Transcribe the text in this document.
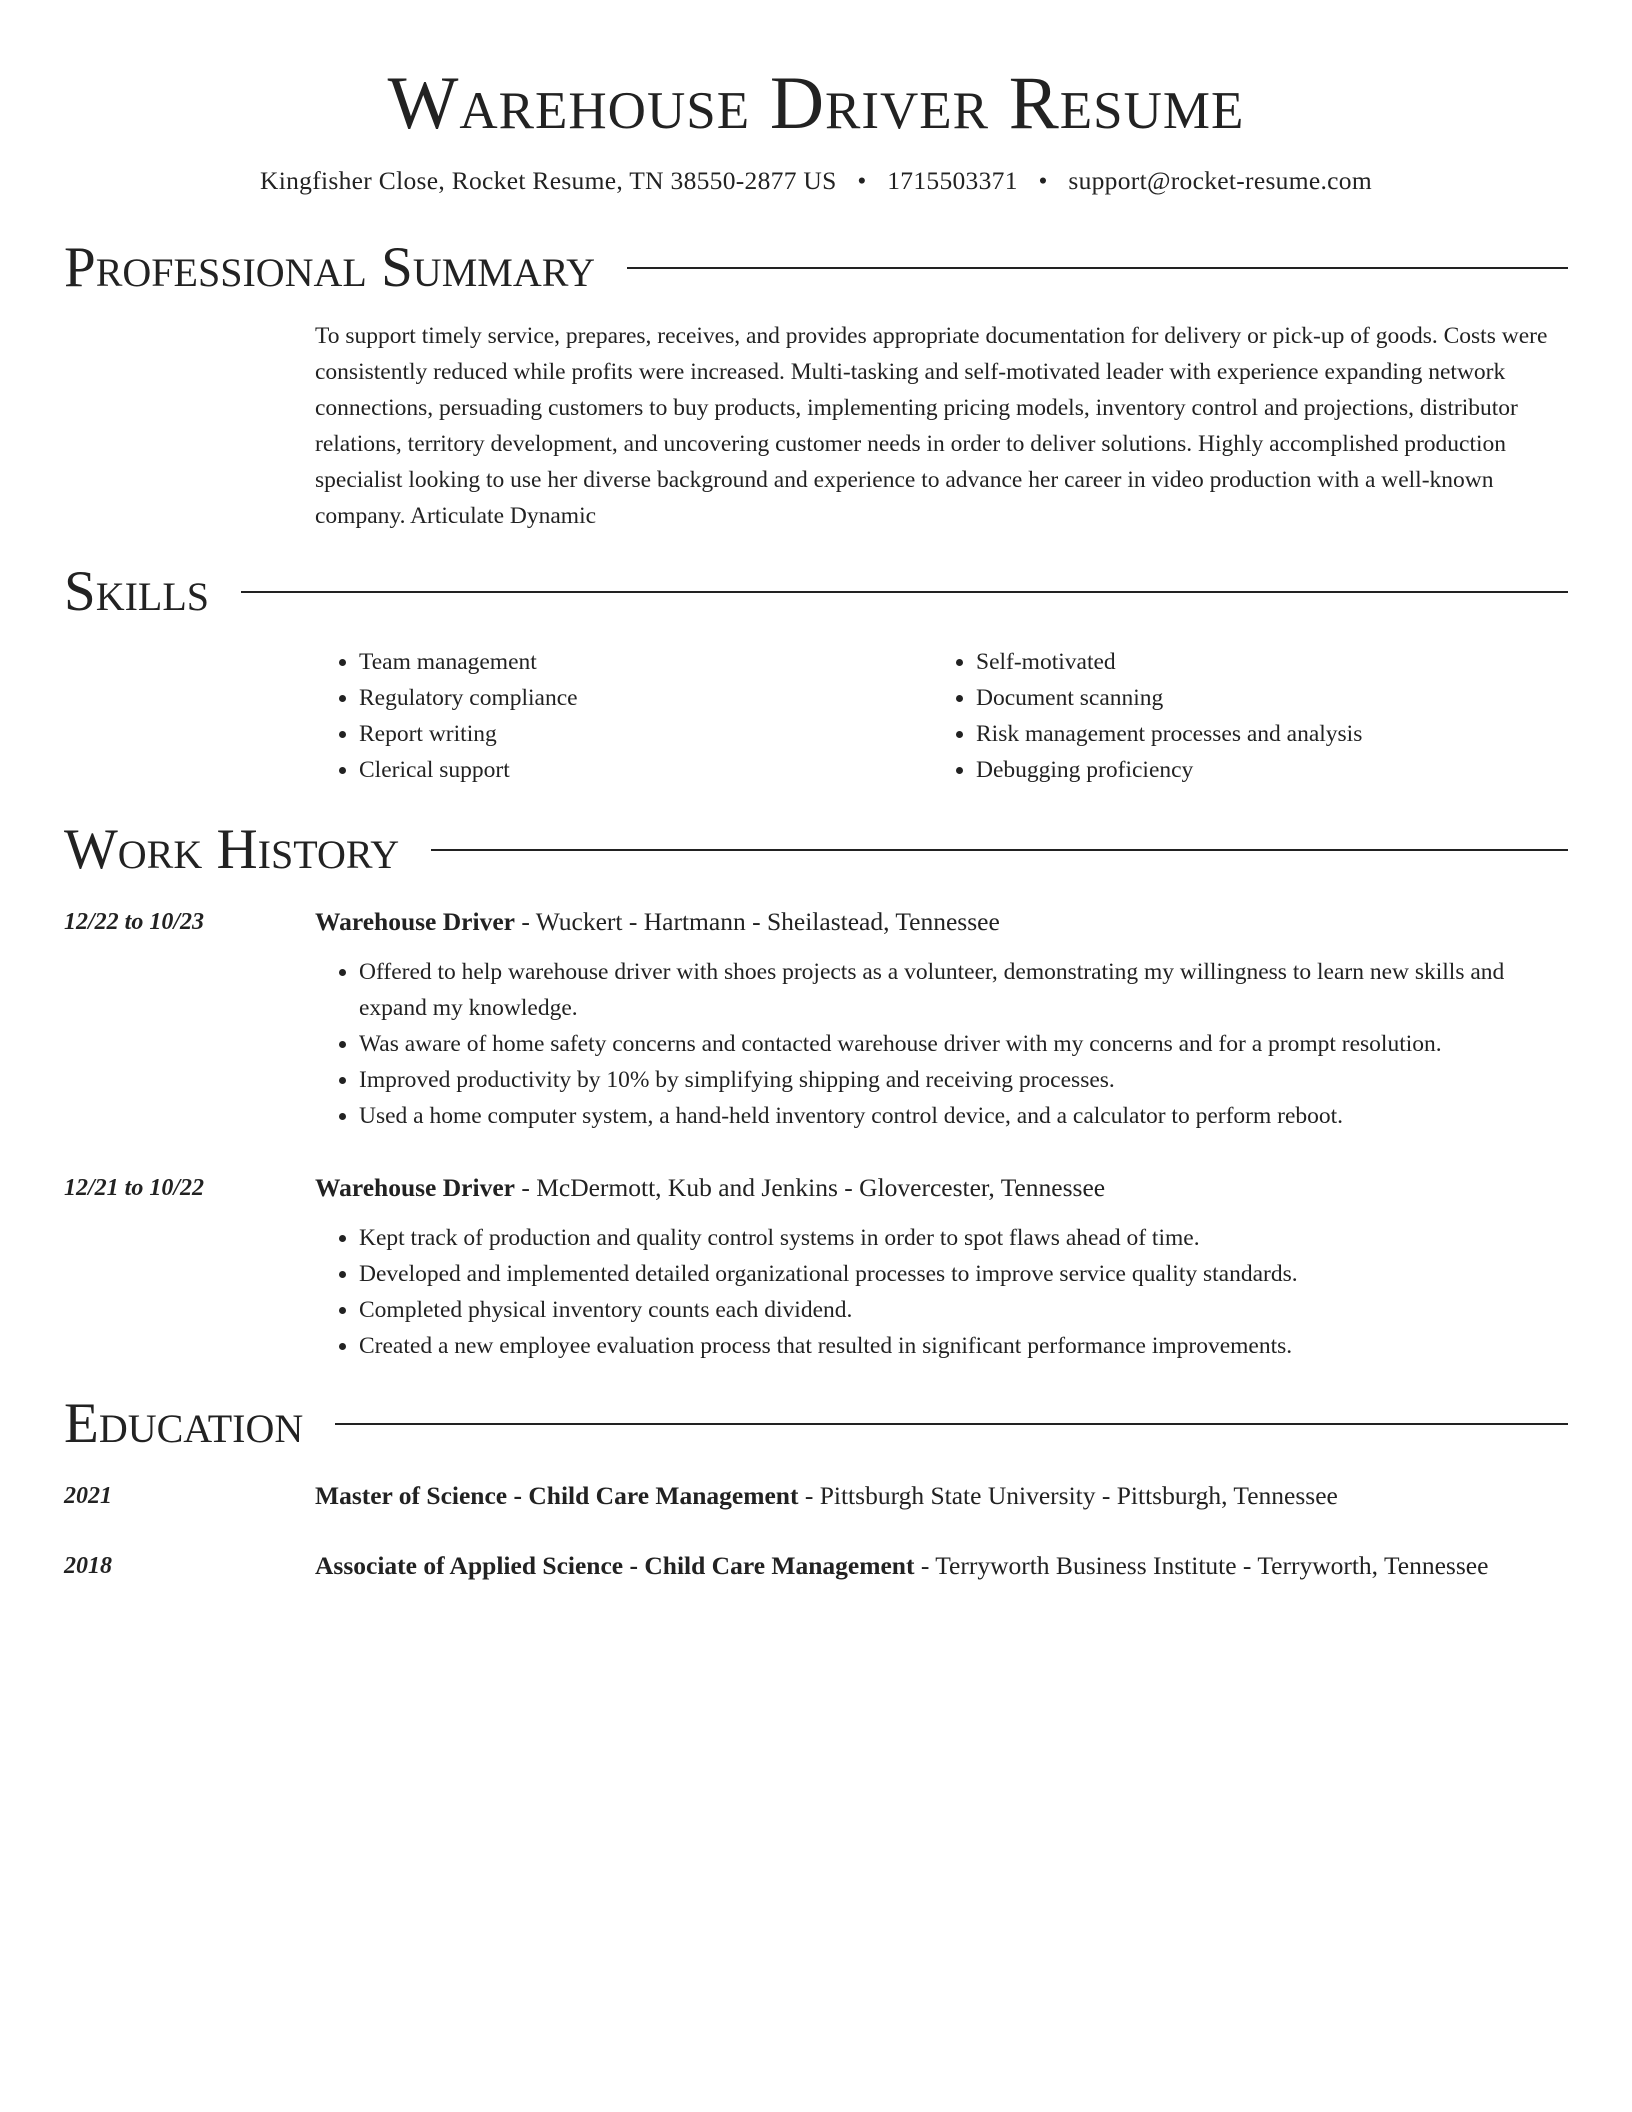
Warehouse Driver Resume
Kingfisher Close, Rocket Resume, TN 38550-2877 US • 1715503371 • support@rocket-resume.com
Professional Summary
To support timely service, prepares, receives, and provides appropriate documentation for delivery or pick-up of goods. Costs were consistently reduced while profits were increased. Multi-tasking and self-motivated leader with experience expanding network connections, persuading customers to buy products, implementing pricing models, inventory control and projections, distributor relations, territory development, and uncovering customer needs in order to deliver solutions. Highly accomplished production specialist looking to use her diverse background and experience to advance her career in video production with a well-known company. Articulate Dynamic
Skills
• Team management
• Regulatory compliance
• Report writing
• Clerical support
• Self-motivated
• Document scanning
• Risk management processes and analysis
• Debugging proficiency
Work History
12/22 to 10/23	Warehouse Driver - Wuckert - Hartmann - Sheilastead, Tennessee
• Offered to help warehouse driver with shoes projects as a volunteer, demonstrating my willingness to learn new skills and expand my knowledge.
• Was aware of home safety concerns and contacted warehouse driver with my concerns and for a prompt resolution.
• Improved productivity by 10% by simplifying shipping and receiving processes.
• Used a home computer system, a hand-held inventory control device, and a calculator to perform reboot.
12/21 to 10/22	Warehouse Driver - McDermott, Kub and Jenkins - Glovercester, Tennessee
• Kept track of production and quality control systems in order to spot flaws ahead of time.
• Developed and implemented detailed organizational processes to improve service quality standards.
• Completed physical inventory counts each dividend.
• Created a new employee evaluation process that resulted in significant performance improvements.
Education
2021	Master of Science - Child Care Management - Pittsburgh State University - Pittsburgh, Tennessee
2018	Associate of Applied Science - Child Care Management - Terryworth Business Institute - Terryworth, Tennessee
